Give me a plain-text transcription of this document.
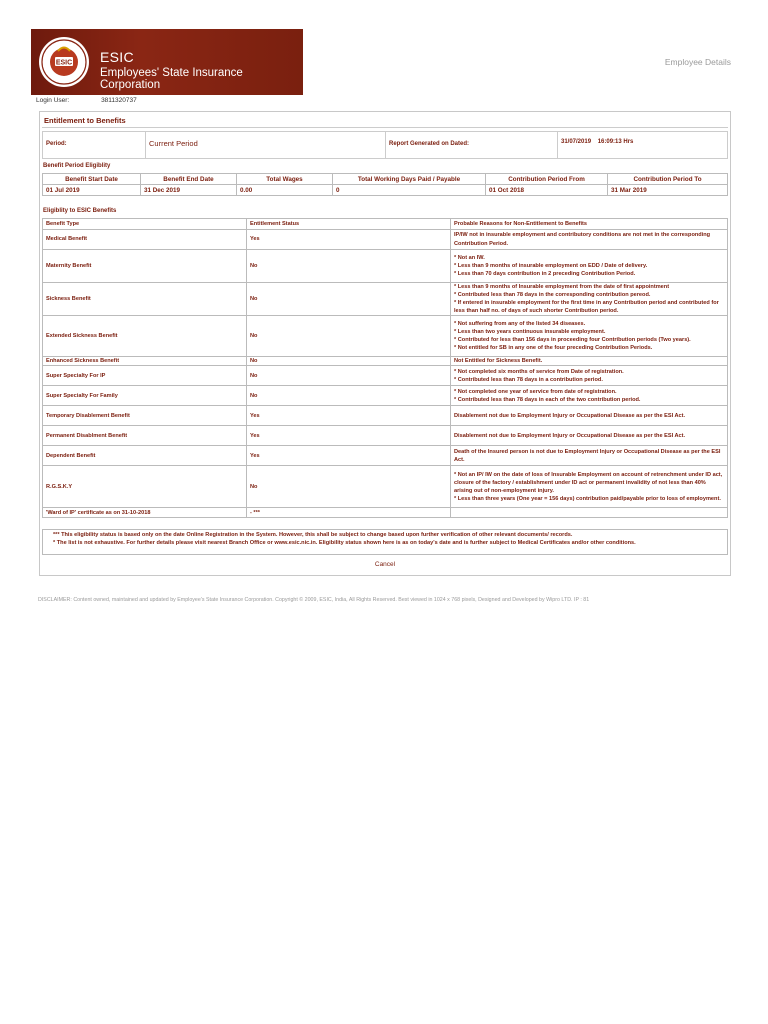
ESIC ESIC
Employees' State Insurance Corporation
Employee Details
Login User:	3811320737
Entitlement to Benefits
Period:	Current Period	Report Generated on Dated:	31/07/2019 16:09:13 Hrs
Benefit Period Eligiblity
Benefit Start Date	Benefit End Date	Total Wages	Total Working Days Paid / Payable	Contribution Period From	Contribution Period To
01 Jul 2019	31 Dec 2019	0.00	0	01 Oct 2018	31 Mar 2019
Eligiblity to ESIC Benefits
Benefit Type	Entitlement Status	Probable Reasons for Non-Entitlement to Benefits
Medical Benefit	Yes	IP/IW not in insurable employment and contributory conditions are not met in the corresponding Contribution Period.
Maternity Benefit	No	* Not an IW.
* Less than 9 months of insurable employment on EDD / Date of delivery.
* Less than 70 days contribution in 2 preceding Contribution Period.
Sickness Benefit	No	* Less than 9 months of Insurable employment from the date of first appointment
* Contributed less than 78 days in the corresponding contribution pereod.
* If entered in insurable employment for the first time in any Contribution period and contributed for less than half no. of days of such shorter Contribution period.
Extended Sickness Benefit	No	* Not suffering from any of the listed 34 diseases.
* Less than two years continuous insurable employment.
* Contributed for less than 156 days in proceeding four Contribution periods (Two years).
* Not entitled for SB in any one of the four preceding Contribution Periods.
Enhanced Sickness Benefit	No	Not Entitled for Sickness Benefit.
Super Specialty For IP	No	* Not completed six months of service from Date of registration.
* Contributed less than 78 days in a contribution period.
Super Specialty For Family	No	* Not completed one year of service from date of registration.
* Contributed less than 78 days in each of the two contribution period.
Temporary Disablement Benefit	Yes	Disablement not due to Employment Injury or Occupational Disease as per the ESI Act.
Permanent Disablment Benefit	Yes	Disablement not due to Employment Injury or Occupational Disease as per the ESI Act.
Dependent Benefit	Yes	Death of the Insured person is not due to Employment Injury or Occupational Disease as per the ESI Act.
R.G.S.K.Y	No	* Not an IP/ IW on the date of loss of Insurable Employment on account of retrenchment under ID act, closure of the factory / establishment under ID act or permanent invalidity of not less than 40% arising out of non-employment injury.
* Less than three years (One year = 156 days) contribution paid/payable prior to loss of employment.
'Ward of IP' certificate as on 31-10-2018	- ***	
*** This eligibility status is based only on the date Online Registration in the System. However, this shall be subject to change based upon further verification of other relevant documents/ records.
* The list is not exhaustive. For further details please visit nearest Branch Office or www.esic.nic.in. Eligibility status shown here is as on today's date and is further subject to Medical Certificates and/or other conditions.
Cancel
DISCLAIMER: Content owned, maintained and updated by Employee's State Insurance Corporation. Copyright © 2009, ESIC, India, All Rights Reserved. Best viewed in 1024 x 768 pixels, Designed and Developed by Wipro LTD. IP : 81
